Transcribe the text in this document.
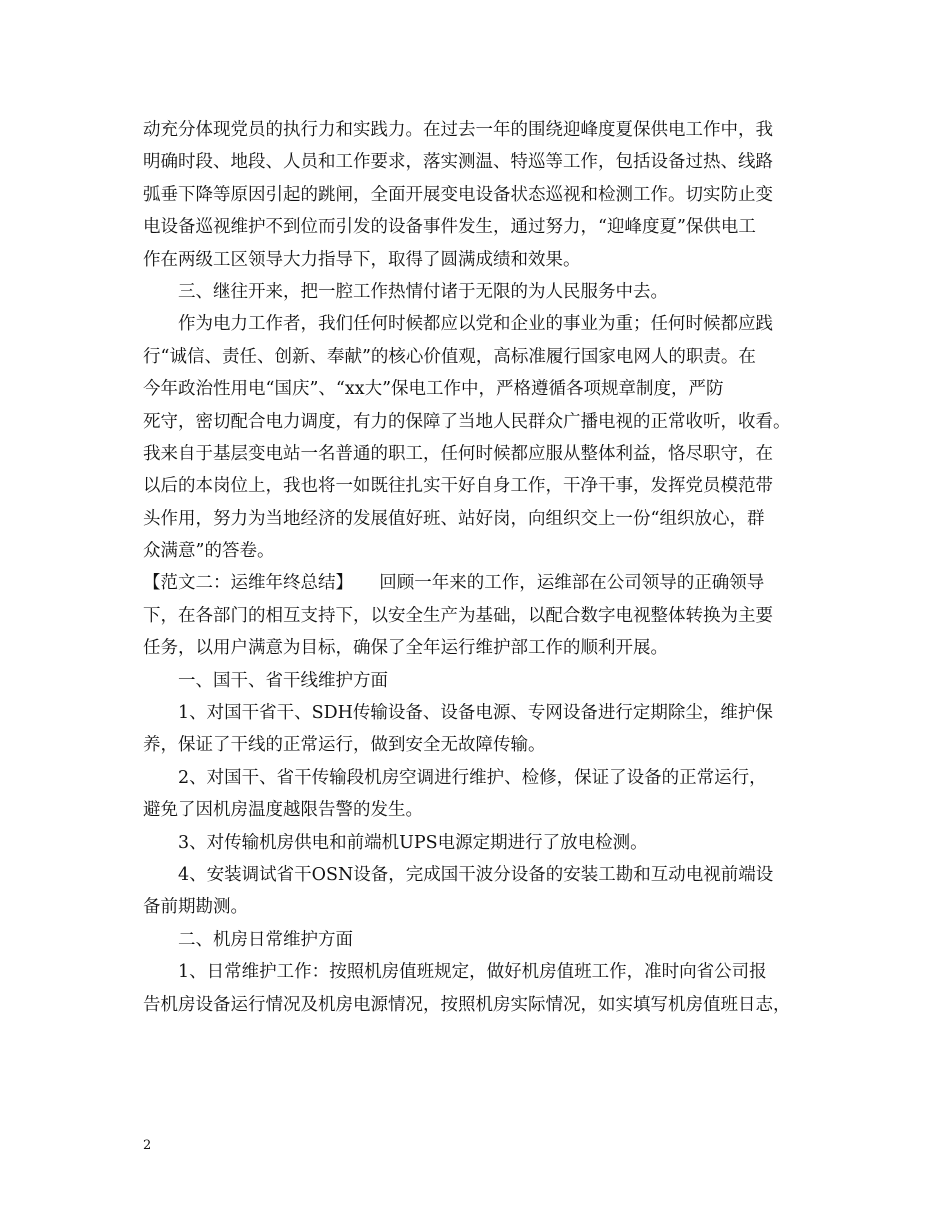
动充分体现党员的执行力和实践力。在过去一年的围绕迎峰度夏保供电工作中，我
明确时段、地段、人员和工作要求，落实测温、特巡等工作，包括设备过热、线路
弧垂下降等原因引起的跳闸，全面开展变电设备状态巡视和检测工作。切实防止变
电设备巡视维护不到位而引发的设备事件发生，通过努力，“迎峰度夏”保供电工
作在两级工区领导大力指导下，取得了圆满成绩和效果。
三、继往开来，把一腔工作热情付诸于无限的为人民服务中去。
作为电力工作者，我们任何时候都应以党和企业的事业为重；任何时候都应践
行“诚信、责任、创新、奉献”的核心价值观，高标准履行国家电网人的职责。在
今年政治性用电“国庆”、“xx大”保电工作中，严格遵循各项规章制度，严防
死守，密切配合电力调度，有力的保障了当地人民群众广播电视的正常收听，收看。
我来自于基层变电站一名普通的职工，任何时候都应服从整体利益，恪尽职守，在
以后的本岗位上，我也将一如既往扎实干好自身工作，干净干事，发挥党员模范带
头作用，努力为当地经济的发展值好班、站好岗，向组织交上一份“组织放心，群
众满意”的答卷。
【范文二：运维年终总结】　　回顾一年来的工作，运维部在公司领导的正确领导
下，在各部门的相互支持下，以安全生产为基础，以配合数字电视整体转换为主要
任务，以用户满意为目标，确保了全年运行维护部工作的顺利开展。
一、国干、省干线维护方面
1、对国干省干、SDH传输设备、设备电源、专网设备进行定期除尘，维护保
养，保证了干线的正常运行，做到安全无故障传输。
2、对国干、省干传输段机房空调进行维护、检修，保证了设备的正常运行，
避免了因机房温度越限告警的发生。
3、对传输机房供电和前端机UPS电源定期进行了放电检测。
4、安装调试省干OSN设备，完成国干波分设备的安装工勘和互动电视前端设
备前期勘测。
二、机房日常维护方面
1、日常维护工作：按照机房值班规定，做好机房值班工作，准时向省公司报
告机房设备运行情况及机房电源情况，按照机房实际情况，如实填写机房值班日志，
2
